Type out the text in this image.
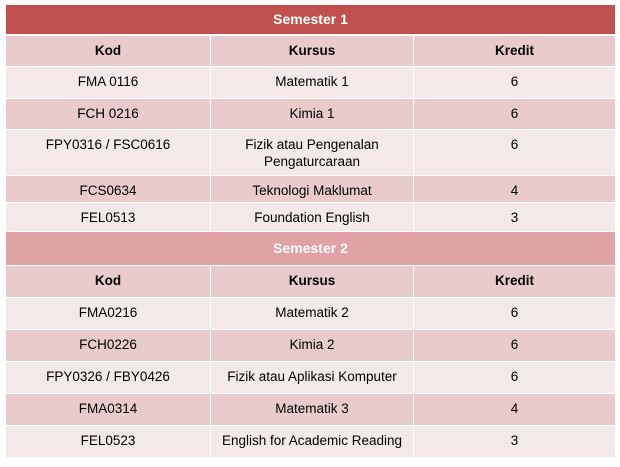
Semester 1		
Kod	Kursus	Kredit
FMA 0116	Matematik 1	6
FCH 0216	Kimia 1	6
FPY0316 / FSC0616	Fizik atau Pengenalan Pengaturcaraan	6
FCS0634	Teknologi Maklumat	4
FEL0513	Foundation English	3
Semester 2		
Kod	Kursus	Kredit
FMA0216	Matematik 2	6
FCH0226	Kimia 2	6
FPY0326 / FBY0426	Fizik atau Aplikasi Komputer	6
FMA0314	Matematik 3	4
FEL0523	English for Academic Reading	3
